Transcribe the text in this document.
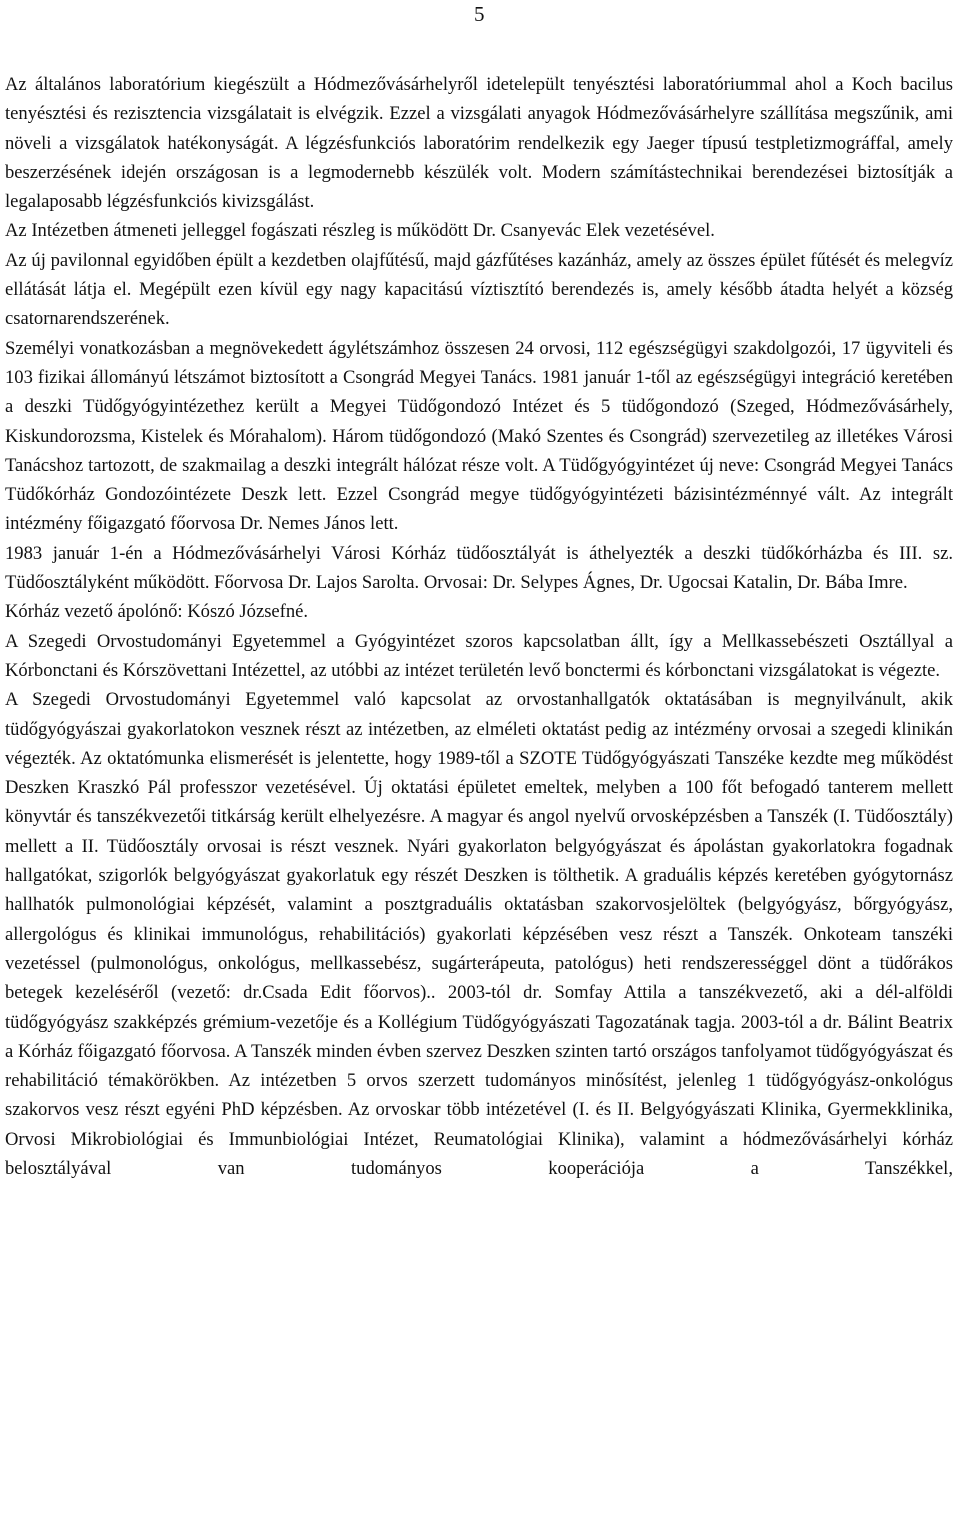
5

Az általános laboratórium kiegészült a Hódmezővásárhelyről idetelepült tenyésztési laboratóriummal ahol a Koch bacilus tenyésztési és rezisztencia vizsgálatait is elvégzik. Ezzel a vizsgálati anyagok Hódmezővásárhelyre szállítása megszűnik, ami növeli a vizsgálatok hatékonyságát. A légzésfunkciós laboratórim rendelkezik egy Jaeger típusú testpletizmográffal, amely beszerzésének idején országosan is a legmodernebb készülék volt. Modern számítástechnikai berendezései biztosítják a legalaposabb légzésfunkciós kivizsgálást.

Az Intézetben átmeneti jelleggel fogászati részleg is működött Dr. Csanyevác Elek vezetésével.

Az új pavilonnal egyidőben épült a kezdetben olajfűtésű, majd gázfűtéses kazánház, amely az összes épület fűtését és melegvíz ellátását látja el. Megépült ezen kívül egy nagy kapacitású víztisztító berendezés is, amely később átadta helyét a község csatornarendszerének.

Személyi vonatkozásban a megnövekedett ágylétszámhoz összesen 24 orvosi, 112 egészségügyi szakdolgozói, 17 ügyviteli és 103 fizikai állományú létszámot biztosított a Csongrád Megyei Tanács. 1981 január 1-től az egészségügyi integráció keretében a deszki Tüdőgyógyintézethez került a Megyei Tüdőgondozó Intézet és 5 tüdőgondozó (Szeged, Hódmezővásárhely, Kiskundorozsma, Kistelek és Mórahalom). Három tüdőgondozó (Makó Szentes és Csongrád) szervezetileg az illetékes Városi Tanácshoz tartozott, de szakmailag a deszki integrált hálózat része volt. A Tüdőgyógyintézet új neve: Csongrád Megyei Tanács Tüdőkórház Gondozóintézete Deszk lett. Ezzel Csongrád megye tüdőgyógyintézeti bázisintézménnyé vált. Az integrált intézmény főigazgató főorvosa Dr. Nemes János lett.

1983 január 1-én a Hódmezővásárhelyi Városi Kórház tüdőosztályát is áthelyezték a deszki tüdőkórházba és III. sz. Tüdőosztályként működött. Főorvosa Dr. Lajos Sarolta. Orvosai: Dr. Selypes Ágnes, Dr. Ugocsai Katalin, Dr. Bába Imre.

Kórház vezető ápolónő: Kószó Józsefné.

A Szegedi Orvostudományi Egyetemmel a Gyógyintézet szoros kapcsolatban állt, így a Mellkassebészeti Osztállyal a Kórbonctani és Kórszövettani Intézettel, az utóbbi az intézet területén levő bonctermi és kórbonctani vizsgálatokat is végezte.

A Szegedi Orvostudományi Egyetemmel való kapcsolat az orvostanhallgatók oktatásában is megnyilvánult, akik tüdőgyógyászai gyakorlatokon vesznek részt az intézetben, az elméleti oktatást pedig az intézmény orvosai a szegedi klinikán végezték. Az oktatómunka elismerését is jelentette, hogy 1989-től a SZOTE Tüdőgyógyászati Tanszéke kezdte meg működést Deszken Kraszkó Pál professzor vezetésével. Új oktatási épületet emeltek, melyben a 100 főt befogadó tanterem mellett könyvtár és tanszékvezetői titkárság került elhelyezésre. A magyar és angol nyelvű orvosképzésben a Tanszék (I. Tüdőosztály) mellett a II. Tüdőosztály orvosai is részt vesznek. Nyári gyakorlaton belgyógyászat és ápolástan gyakorlatokra fogadnak hallgatókat, szigorlók belgyógyászat gyakorlatuk egy részét Deszken is tölthetik. A graduális képzés keretében gyógytornász hallhatók pulmonológiai képzését, valamint a posztgraduális oktatásban szakorvosjelöltek (belgyógyász, bőrgyógyász, allergológus és klinikai immunológus, rehabilitációs) gyakorlati képzésében vesz részt a Tanszék. Onkoteam tanszéki vezetéssel (pulmonológus, onkológus, mellkassebész, sugárterápeuta, patológus) heti rendszerességgel dönt a tüdőrákos betegek kezeléséről (vezető: dr.Csada Edit főorvos).. 2003-tól dr. Somfay Attila a tanszékvezető, aki a dél-alföldi tüdőgyógyász szakképzés grémium-vezetője és a Kollégium Tüdőgyógyászati Tagozatának tagja. 2003-tól a dr. Bálint Beatrix a Kórház főigazgató főorvosa. A Tanszék minden évben szervez Deszken szinten tartó országos tanfolyamot tüdőgyógyászat és rehabilitáció témakörökben. Az intézetben 5 orvos szerzett tudományos minősítést, jelenleg 1 tüdőgyógyász-onkológus szakorvos vesz részt egyéni PhD képzésben. Az orvoskar több intézetével (I. és II. Belgyógyászati Klinika, Gyermekklinika, Orvosi Mikrobiológiai és Immunbiológiai Intézet, Reumatológiai Klinika), valamint a hódmezővásárhelyi kórház belosztályával van tudományos kooperációja a Tanszékkel,
